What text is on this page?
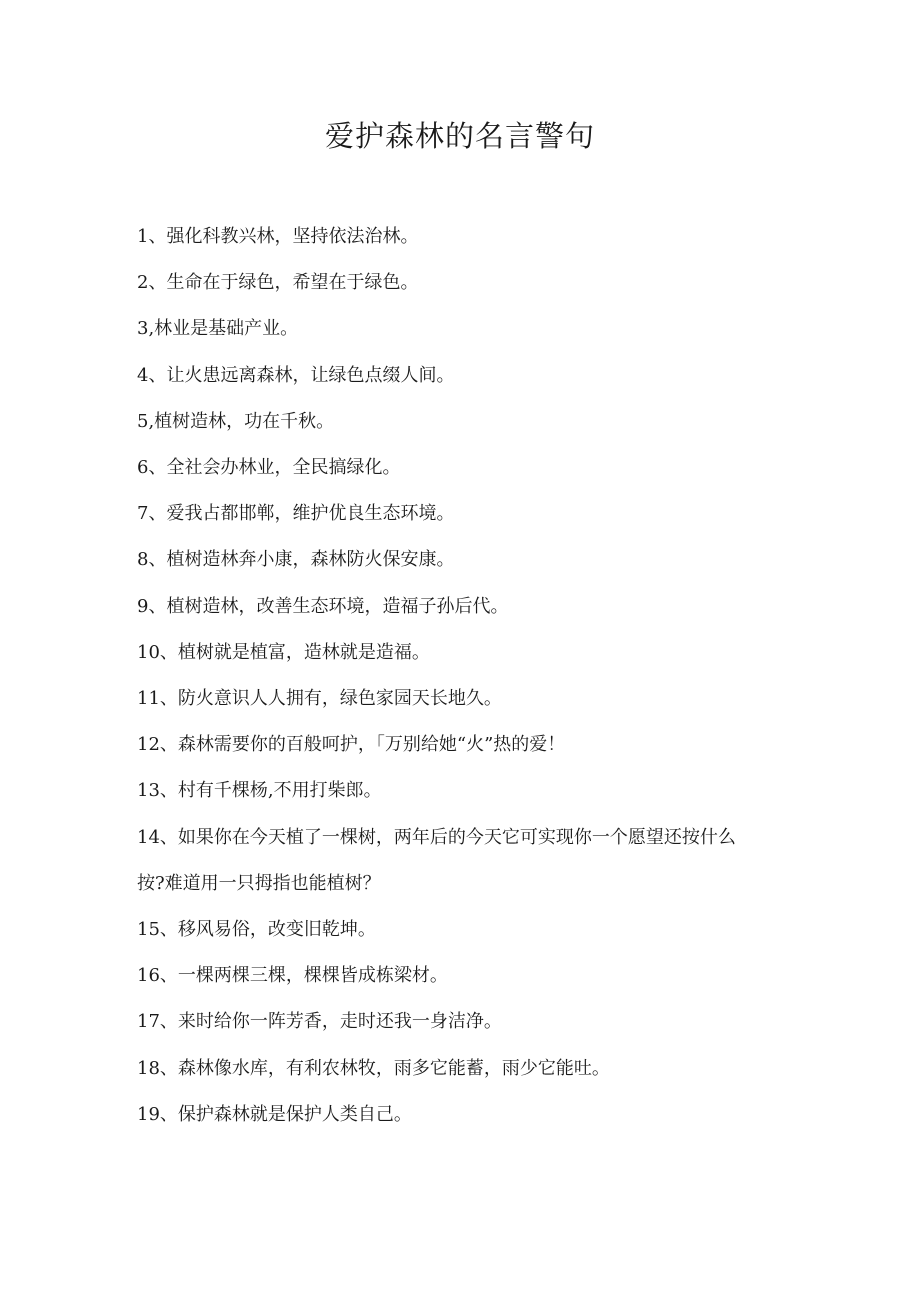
爱护森林的名言警句
1、强化科教兴林，坚持依法治林。
2、生命在于绿色，希望在于绿色。
3,林业是基础产业。
4、让火患远离森林，让绿色点缀人间。
5,植树造林，功在千秋。
6、全社会办林业，全民搞绿化。
7、爱我占都邯郸，维护优良生态环境。
8、植树造林奔小康，森林防火保安康。
9、植树造林，改善生态环境，造福子孙后代。
10、植树就是植富，造林就是造福。
11、防火意识人人拥有，绿色家园天长地久。
12、森林需要你的百般呵护，「万别给她“火”热的爱！
13、村有千棵杨,不用打柴郎。
14、如果你在今天植了一棵树，两年后的今天它可实现你一个愿望还按什么按?难道用一只拇指也能植树？
15、移风易俗，改变旧乾坤。
16、一棵两棵三棵，棵棵皆成栋梁材。
17、来时给你一阵芳香，走时还我一身洁净。
18、森林像水库，有利农林牧，雨多它能蓄，雨少它能吐。
19、保护森林就是保护人类自己。
